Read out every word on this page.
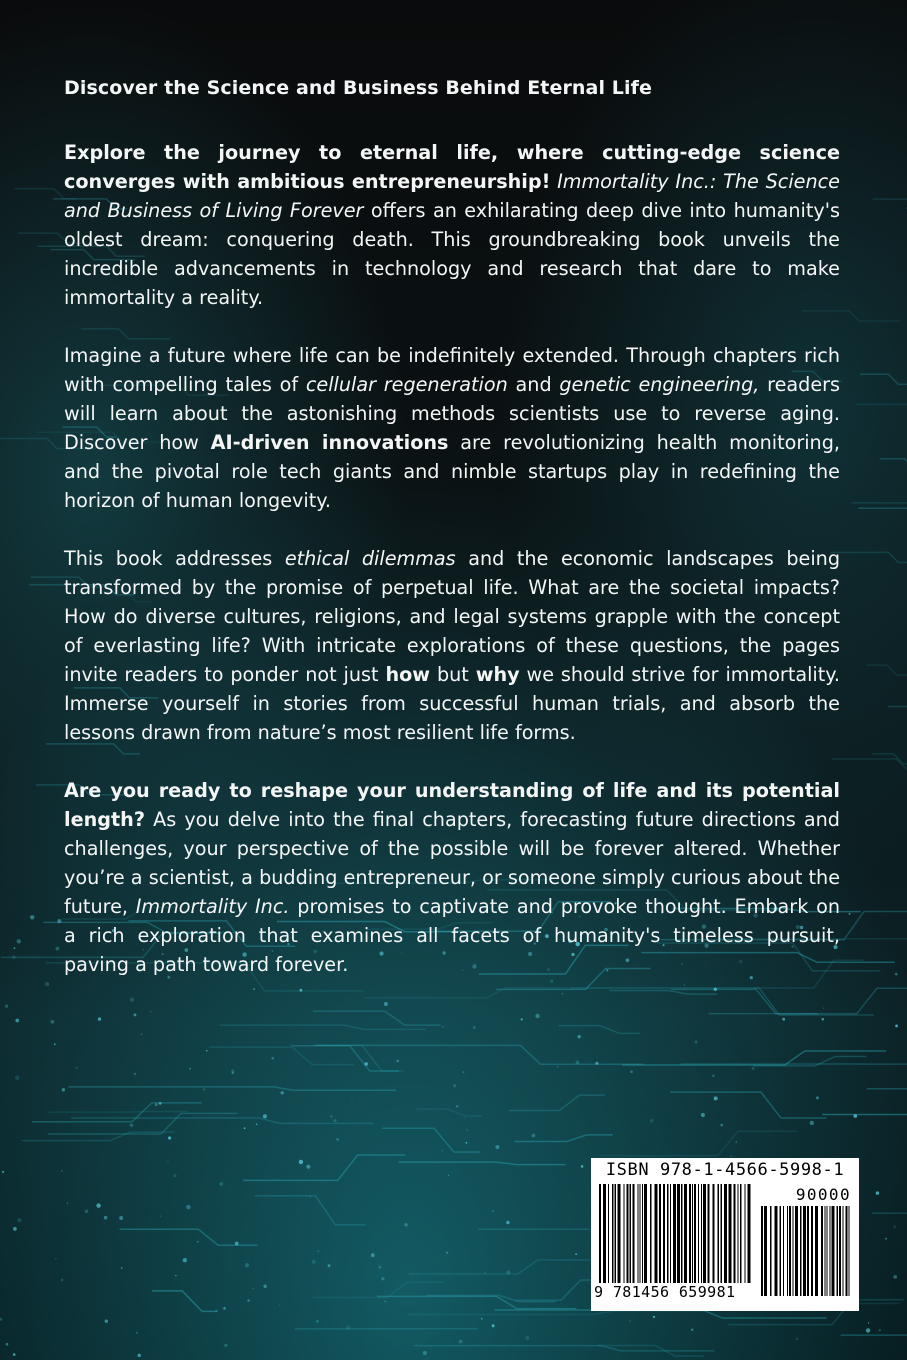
Discover the Science and Business Behind Eternal Life
Explore the journey to eternal life, where cutting-edge science converges with ambitious entrepreneurship! Immortality Inc.: The Science and Business of Living Forever offers an exhilarating deep dive into humanity's oldest dream: conquering death. This groundbreaking book unveils the incredible advancements in technology and research that dare to make immortality a reality.
Imagine a future where life can be indefinitely extended. Through chapters rich with compelling tales of cellular regeneration and genetic engineering, readers will learn about the astonishing methods scientists use to reverse aging. Discover how AI-driven innovations are revolutionizing health monitoring, and the pivotal role tech giants and nimble startups play in redefining the horizon of human longevity.
This book addresses ethical dilemmas and the economic landscapes being transformed by the promise of perpetual life. What are the societal impacts? How do diverse cultures, religions, and legal systems grapple with the concept of everlasting life? With intricate explorations of these questions, the pages invite readers to ponder not just how but why we should strive for immortality. Immerse yourself in stories from successful human trials, and absorb the lessons drawn from nature’s most resilient life forms.
Are you ready to reshape your understanding of life and its potential length? As you delve into the final chapters, forecasting future directions and challenges, your perspective of the possible will be forever altered. Whether you’re a scientist, a budding entrepreneur, or someone simply curious about the future, Immortality Inc. promises to captivate and provoke thought. Embark on a rich exploration that examines all facets of humanity's timeless pursuit, paving a path toward forever.
ISBN 978-1-4566-5998-1
90000
9 781456 659981
